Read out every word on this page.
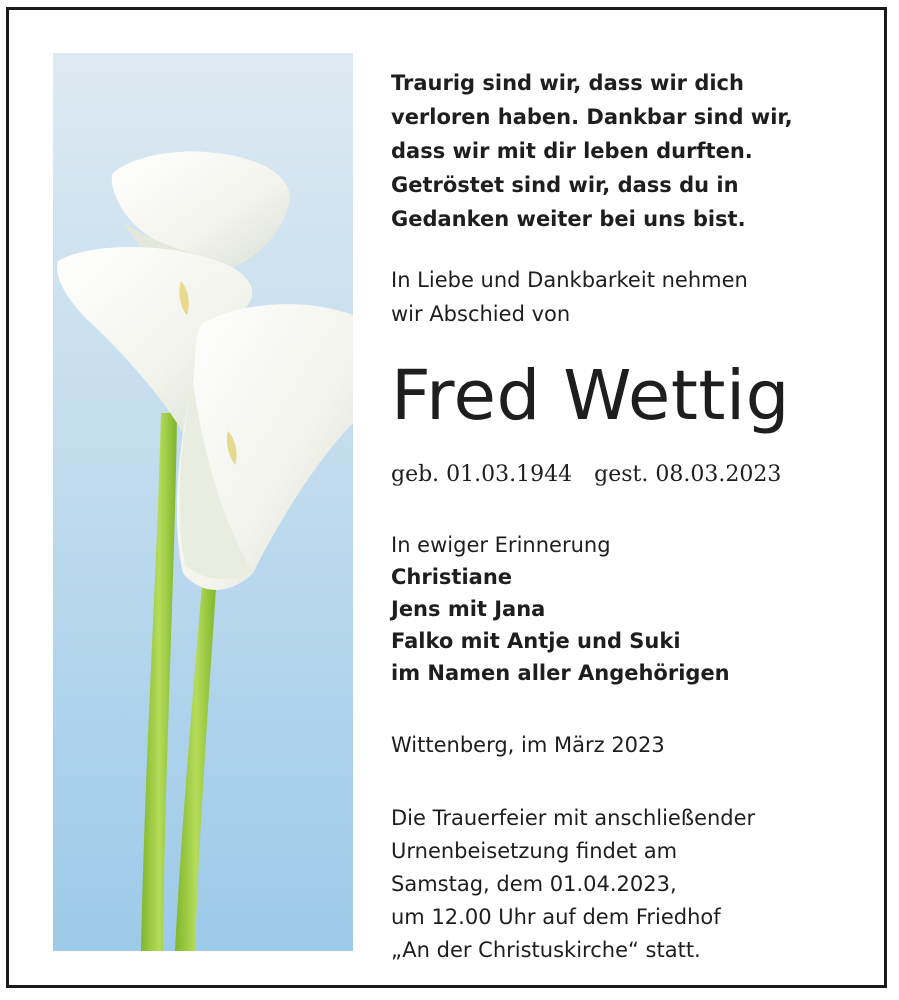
Traurig sind wir, dass wir dich
verloren haben. Dankbar sind wir,
dass wir mit dir leben durften.
Getröstet sind wir, dass du in
Gedanken weiter bei uns bist.
In Liebe und Dankbarkeit nehmen
wir Abschied von
Fred Wettig
geb. 01.03.1944 gest. 08.03.2023
In ewiger Erinnerung
Christiane
Jens mit Jana
Falko mit Antje und Suki
im Namen aller Angehörigen
Wittenberg, im März 2023
Die Trauerfeier mit anschließender
Urnenbeisetzung findet am
Samstag, dem 01.04.2023,
um 12.00 Uhr auf dem Friedhof
„An der Christuskirche“ statt.
